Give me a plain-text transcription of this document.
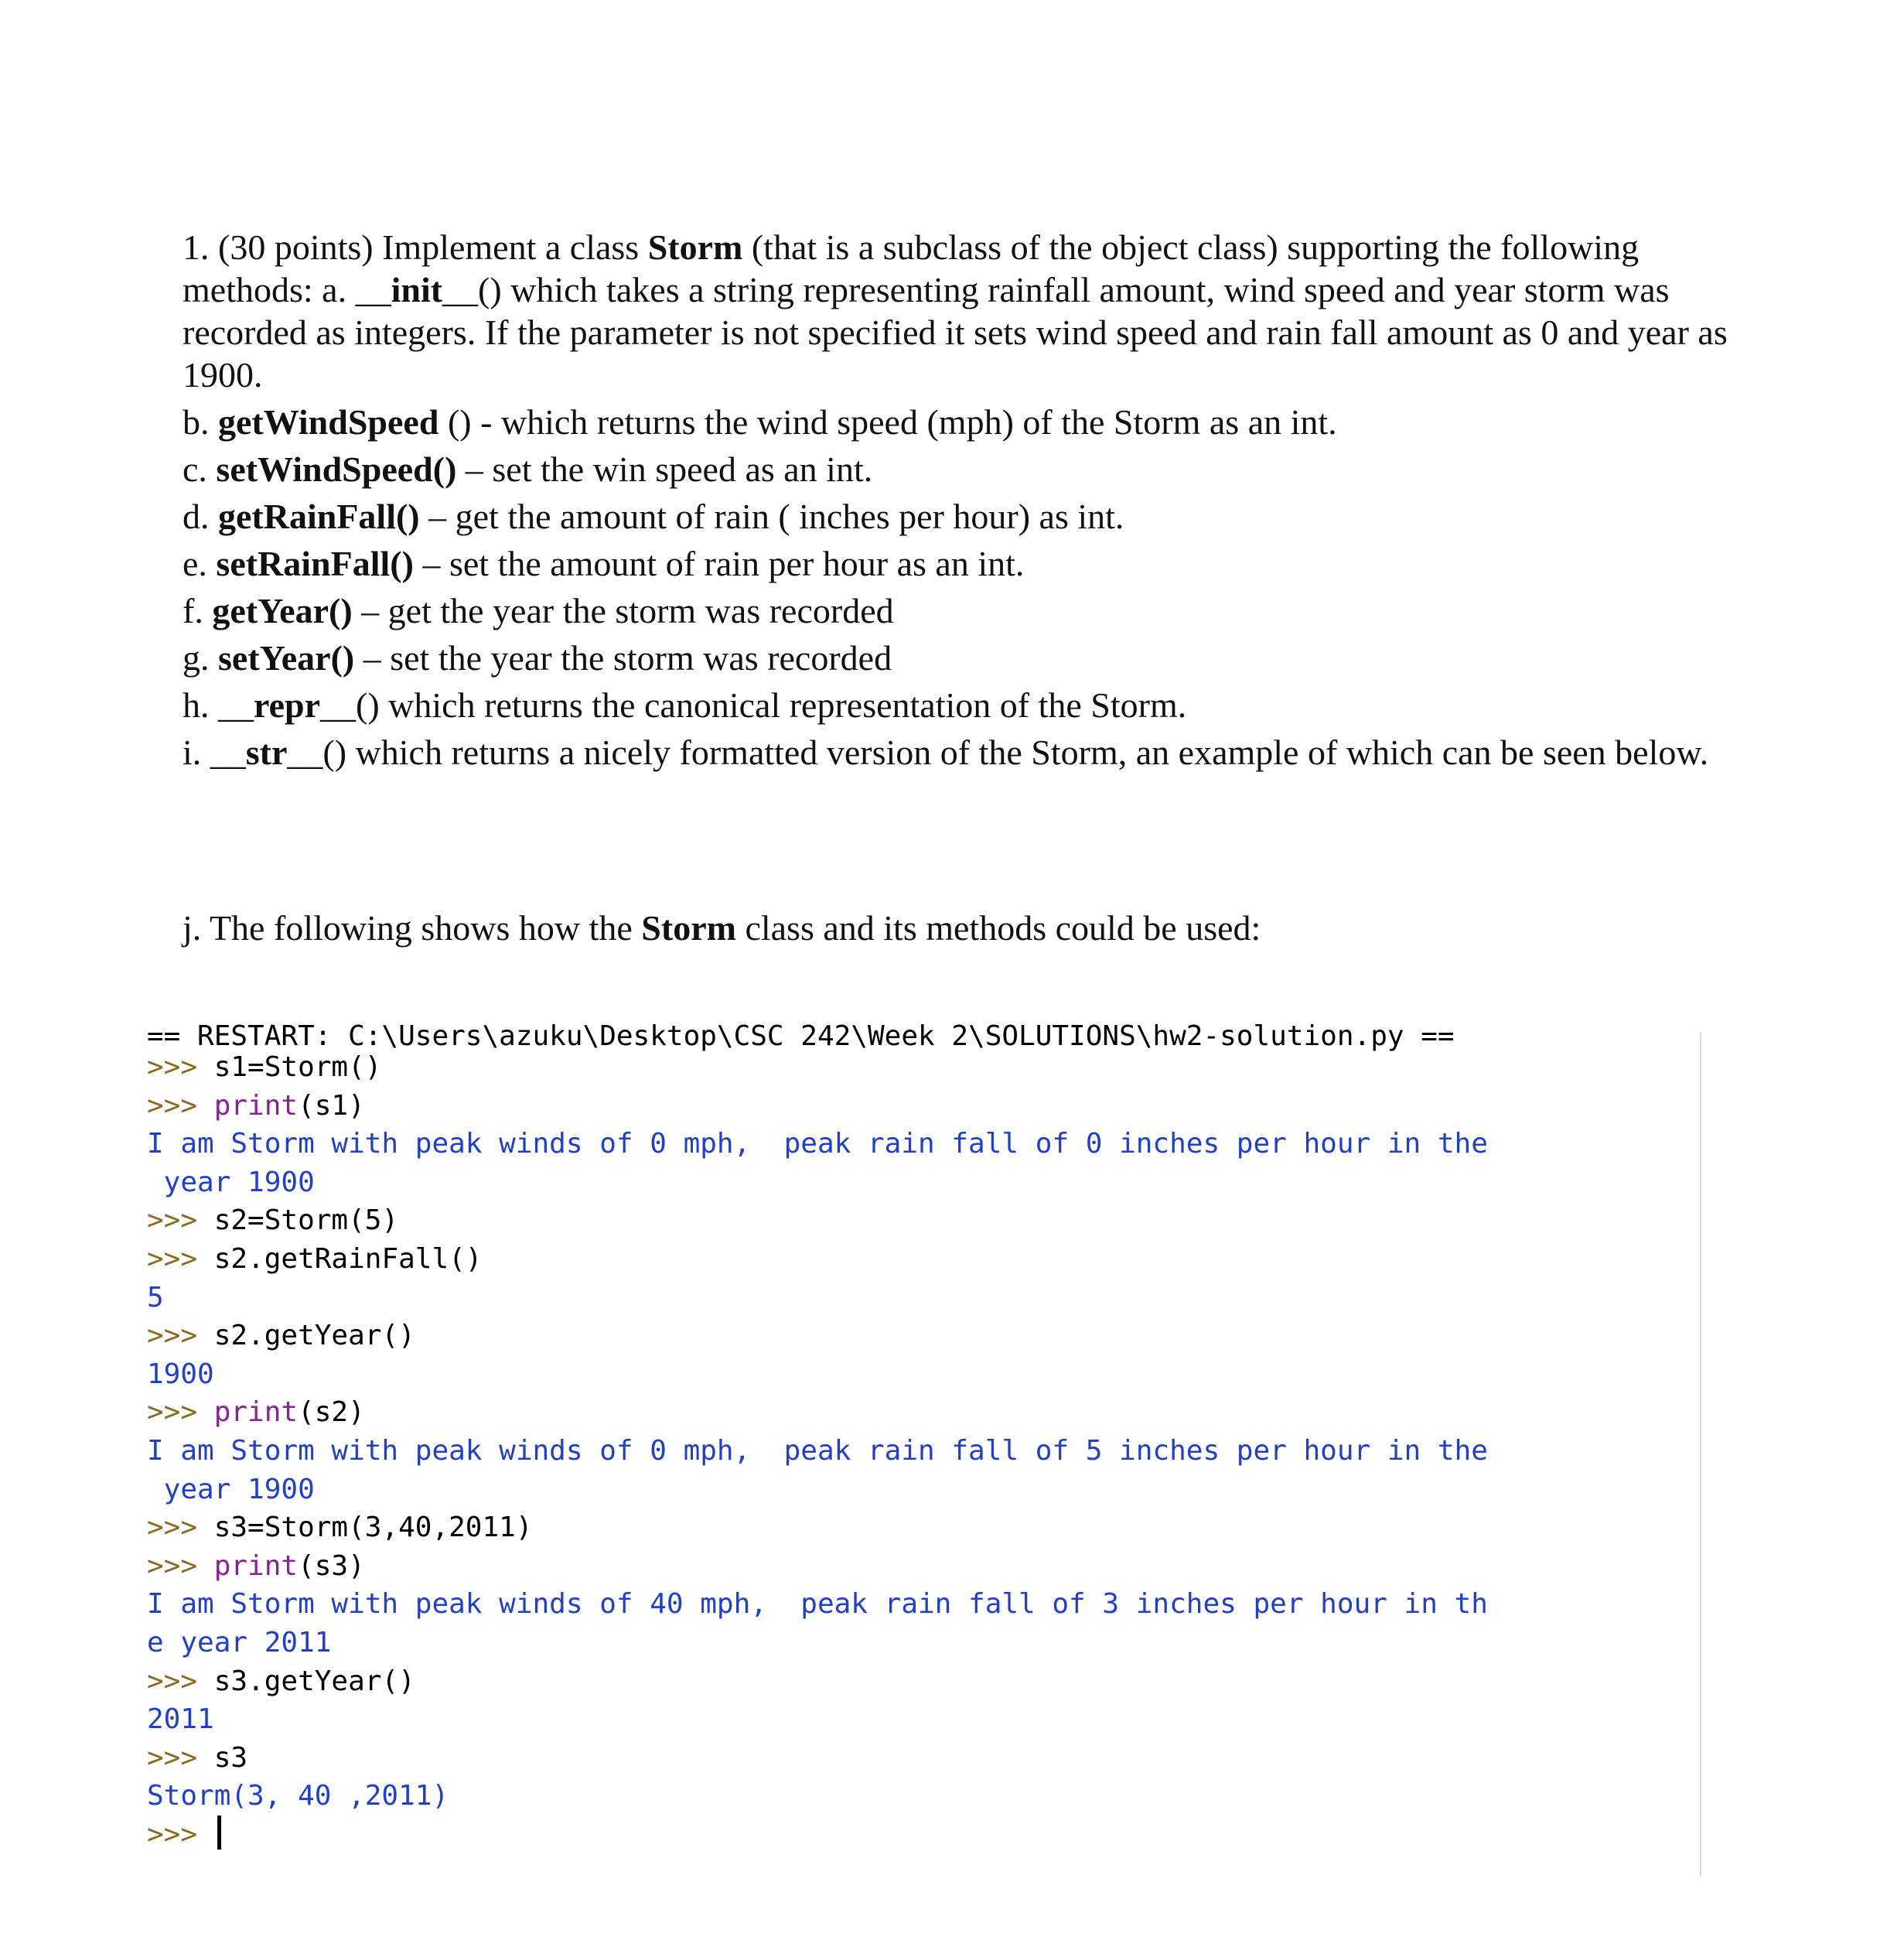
1. (30 points) Implement a class Storm (that is a subclass of the object class) supporting the following methods: a. __init__() which takes a string representing rainfall amount, wind speed and year storm was recorded as integers. If the parameter is not specified it sets wind speed and rain fall amount as 0 and year as 1900.

b. getWindSpeed () - which returns the wind speed (mph) of the Storm as an int.

c. setWindSpeed() – set the win speed as an int.

d. getRainFall() – get the amount of rain ( inches per hour) as int.

e. setRainFall() – set the amount of rain per hour as an int.

f. getYear() – get the year the storm was recorded

g. setYear() – set the year the storm was recorded

h. __repr__() which returns the canonical representation of the Storm.

i. __str__() which returns a nicely formatted version of the Storm, an example of which can be seen below.

j. The following shows how the Storm class and its methods could be used:

== RESTART: C:\Users\azuku\Desktop\CSC 242\Week 2\SOLUTIONS\hw2-solution.py ==
>>> s1=Storm()
>>> print(s1)
I am Storm with peak winds of 0 mph,  peak rain fall of 0 inches per hour in the
year 1900
>>> s2=Storm(5)
>>> s2.getRainFall()
5
>>> s2.getYear()
1900
>>> print(s2)
I am Storm with peak winds of 0 mph,  peak rain fall of 5 inches per hour in the
year 1900
>>> s3=Storm(3,40,2011)
>>> print(s3)
I am Storm with peak winds of 40 mph,  peak rain fall of 3 inches per hour in th
e year 2011
>>> s3.getYear()
2011
>>> s3
Storm(3, 40 ,2011)
>>>
